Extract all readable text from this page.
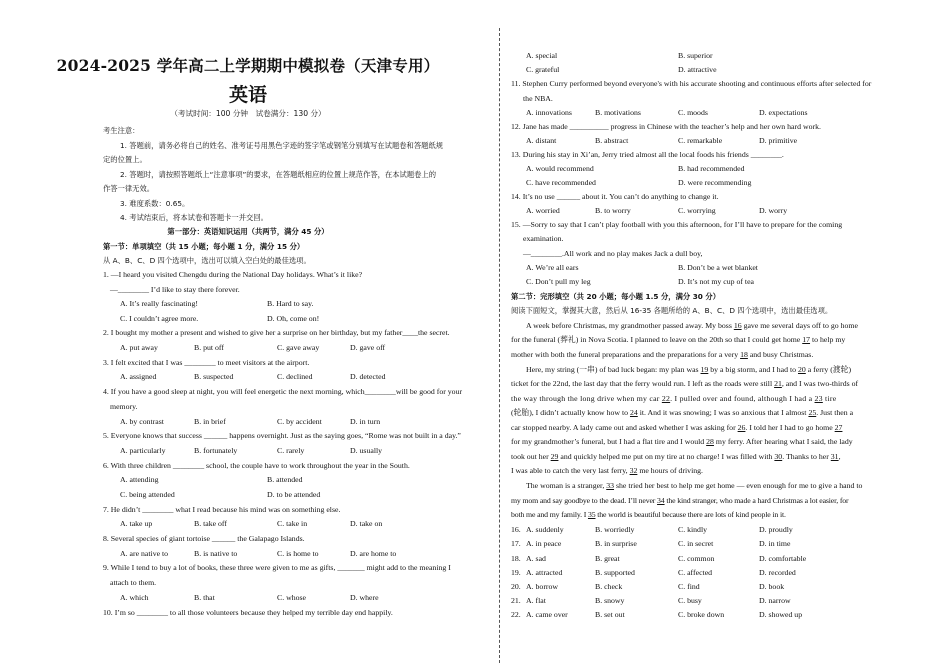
2024-2025 学年高二上学期期中模拟卷（天津专用）
英语
（考试时间：100 分钟　试卷满分：130 分）
考生注意：
1. 答题前，请务必将自己的姓名、准考证号用黑色字迹的签字笔或钢笔分别填写在试题卷和答题纸规
定的位置上。
2. 答题时，请按照答题纸上“注意事项”的要求，在答题纸相应的位置上规范作答，在本试题卷上的
作答一律无效。
3. 难度系数：0.65。
4. 考试结束后，将本试卷和答题卡一并交回。
第一部分：英语知识运用（共两节，满分 45 分）
第一节：单项填空（共 15 小题；每小题 1 分，满分 15 分）
从 A、B、C、D 四个选项中，选出可以填入空白处的最佳选项。
1. —I heard you visited Chengdu during the National Day holidays. What’s it like?
—________ I’d like to stay there forever.
A. It’s really fascinating!	B. Hard to say.
C. I couldn’t agree more.	D. Oh, come on!
2. I bought my mother a present and wished to give her a surprise on her birthday, but my father____the secret.
A. put away	B. put off	C. gave away	D. gave off
3. I felt excited that I was ________ to meet visitors at the airport.
A. assigned	B. suspected	C. declined	D. detected
4. If you have a good sleep at night, you will feel energetic the next morning, which________will be good for your
memory.
A. by contrast	B. in brief	C. by accident	D. in turn
5. Everyone knows that success ______ happens overnight. Just as the saying goes, “Rome was not built in a day.”
A. particularly	B. fortunately	C. rarely	D. usually
6. With three children ________ school, the couple have to work throughout the year in the South.
A. attending	B. attended
C. being attended	D. to be attended
7. He didn’t ________ what I read because his mind was on something else.
A. take up	B. take off	C. take in	D. take on
8. Several species of giant tortoise ______ the Galapago Islands.
A. are native to	B. is native to	C. is home to	D. are home to
9. While I tend to buy a lot of books, these three were given to me as gifts, _______ might add to the meaning I
attach to them.
A. which	B. that	C. whose	D. where
10. I’m so ________ to all those volunteers because they helped my terrible day end happily.
A. special	B. superior
C. grateful	D. attractive
11. Stephen Curry performed beyond everyone's with his accurate shooting and continuous efforts after selected for
the NBA.
A. innovations	B. motivations	C. moods	D. expectations
12. Jane has made __________ progress in Chinese with the teacher’s help and her own hard work.
A. distant	B. abstract	C. remarkable	D. primitive
13. During his stay in Xi’an, Jerry tried almost all the local foods his friends ________.
A. would recommend	B. had recommended
C. have recommended	D. were recommending
14. It’s no use ______ about it. You can’t do anything to change it.
A. worried	B. to worry	C. worrying	D. worry
15. —Sorry to say that I can’t play football with you this afternoon, for I’ll have to prepare for the coming
examination.
—________.All work and no play makes Jack a dull boy,
A. We’re all ears	B. Don’t be a wet blanket
C. Don’t pull my leg	D. It’s not my cup of tea
第二节：完形填空（共 20 小题；每小题 1.5 分，满分 30 分）
阅读下面短文，掌握其大意，然后从 16-35 各题所给的 A、B、C、D 四个选项中，选出最佳选项。
A week before Christmas, my grandmother passed away. My boss 16 gave me several days off to go home
for the funeral (葬礼) in Nova Scotia. I planned to leave on the 20th so that I could get home 17 to help my
mother with both the funeral preparations and the preparations for a very 18 and busy Christmas.
Here, my string (一串) of bad luck began: my plan was 19 by a big storm, and I had to 20 a ferry (渡轮)
ticket for the 22nd, the last day that the ferry would run. I left as the roads were still 21, and I was two-thirds of
the way through the long drive when my car 22. I pulled over and found, although I had a 23 tire
(轮胎), I didn’t actually know how to 24 it. And it was snowing; I was so anxious that I almost 25. Just then a
car stopped nearby. A lady came out and asked whether I was asking for 26. I told her I had to go home 27
for my grandmother’s funeral, but I had a flat tire and I would 28 my ferry. After hearing what I said, the lady
took out her 29 and quickly helped me put on my tire at no charge! I was filled with 30. Thanks to her 31,
I was able to catch the very last ferry, 32 me hours of driving.
The woman is a stranger, 33 she tried her best to help me get home — even enough for me to give a hand to
my mom and say goodbye to the dead. I’ll never 34 the kind stranger, who made a hard Christmas a lot easier, for
both me and my family. I 35 the world is beautiful because there are lots of kind people in it.
16. A. suddenly	B. worriedly	C. kindly	D. proudly
17. A. in peace	B. in surprise	C. in secret	D. in time
18. A. sad	B. great	C. common	D. comfortable
19. A. attracted	B. supported	C. affected	D. recorded
20. A. borrow	B. check	C. find	D. book
21. A. flat	B. snowy	C. busy	D. narrow
22. A. came over	B. set out	C. broke down	D. showed up
